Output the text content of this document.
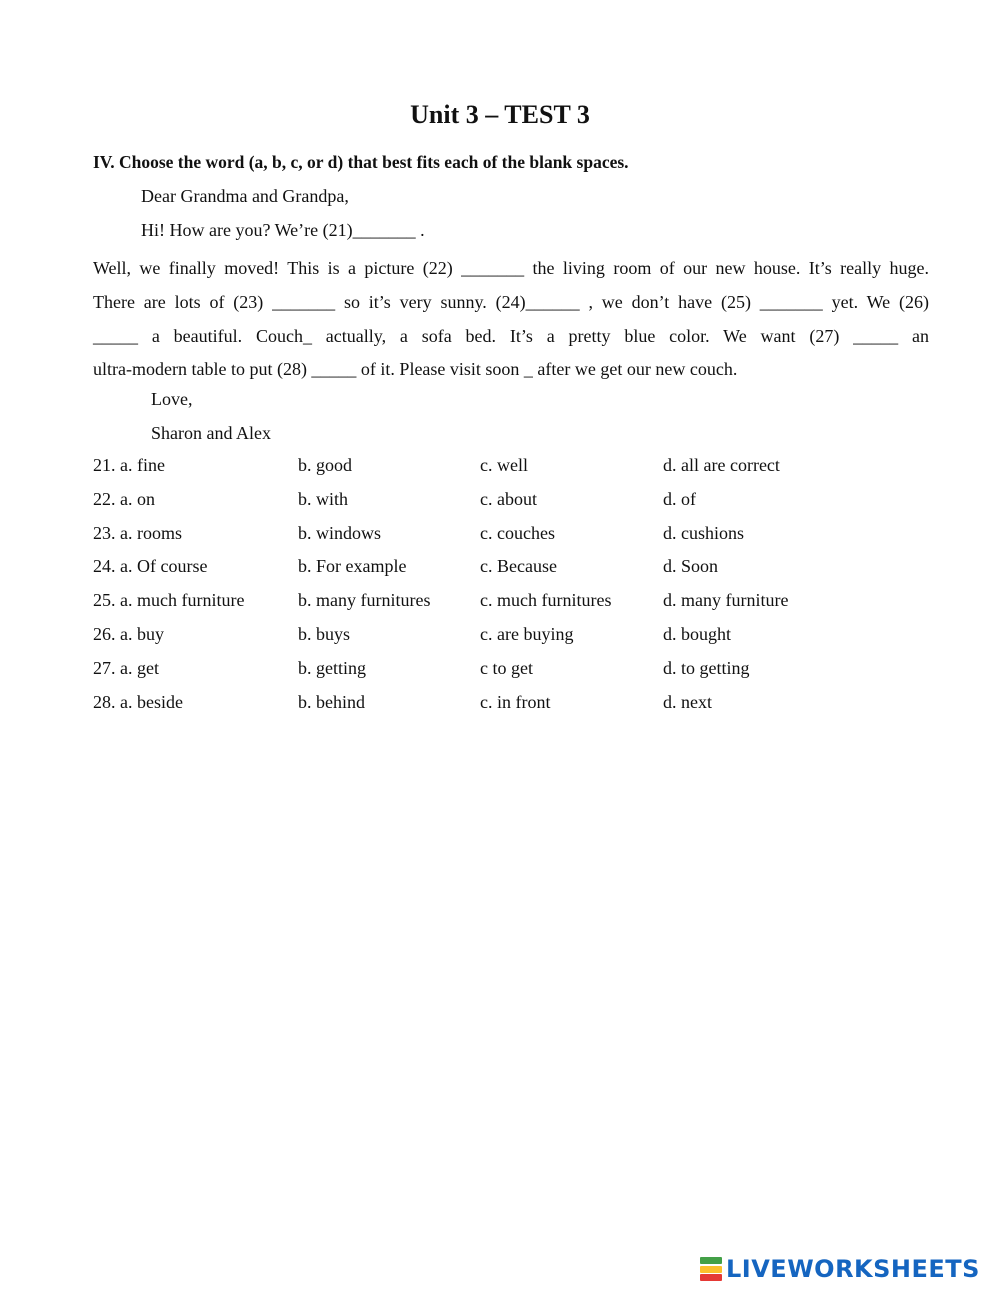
Unit 3 – TEST 3
IV. Choose the word (a, b, c, or d) that best fits each of the blank spaces.
Dear Grandma and Grandpa,
Hi! How are you? We’re (21)_______ .
Well, we finally moved! This is a picture (22) _______ the living room of our new house. It’s really huge.
There are lots of (23) _______ so it’s very sunny. (24)______ , we don’t have (25) _______ yet. We (26)
_____ a beautiful. Couch_ actually, a sofa bed. It’s a pretty blue color. We want (27) _____ an
ultra-modern table to put (28) _____ of it. Please visit soon _ after we get our new couch.
Love,
Sharon and Alex
21. a. fine	b. good	c. well	d. all are correct
22. a. on	b. with	c. about	d. of
23. a. rooms	b. windows	c. couches	d. cushions
24. a. Of course	b. For example	c. Because	d. Soon
25. a. much furniture	b. many furnitures	c. much furnitures	d. many furniture
26. a. buy	b. buys	c. are buying	d. bought
27. a. get	b. getting	c to get	d. to getting
28. a. beside	b. behind	c. in front	d. next
LIVEWORKSHEETS
